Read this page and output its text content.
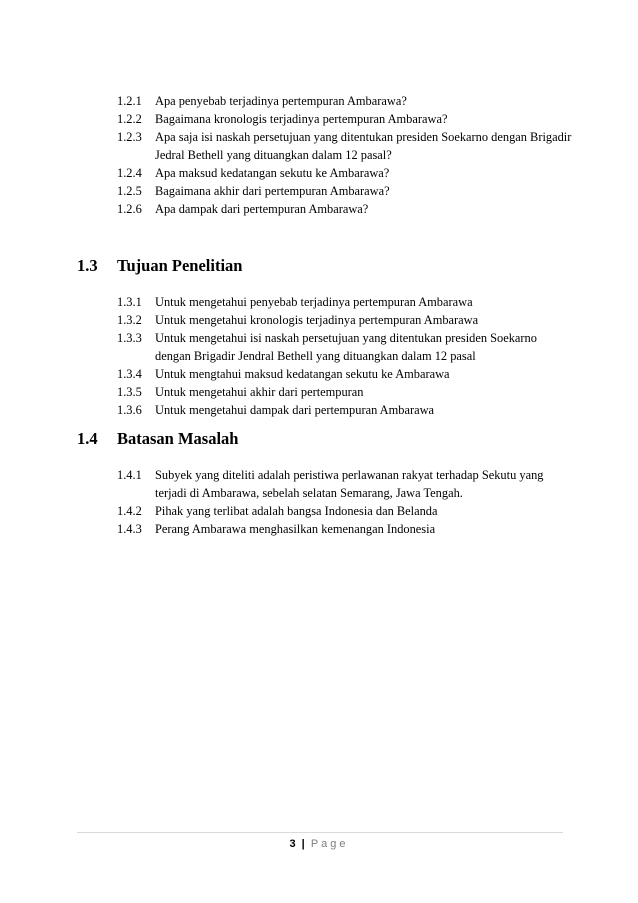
1.2.1	Apa penyebab terjadinya pertempuran Ambarawa?
1.2.2	Bagaimana kronologis terjadinya pertempuran Ambarawa?
1.2.3	Apa saja isi naskah persetujuan yang ditentukan presiden Soekarno dengan Brigadir Jedral Bethell yang dituangkan dalam 12 pasal?
1.2.4	Apa maksud kedatangan sekutu ke Ambarawa?
1.2.5	Bagaimana akhir dari pertempuran Ambarawa?
1.2.6	Apa dampak dari pertempuran Ambarawa?
1.3	Tujuan Penelitian
1.3.1	Untuk mengetahui penyebab terjadinya pertempuran Ambarawa
1.3.2	Untuk mengetahui kronologis terjadinya pertempuran Ambarawa
1.3.3	Untuk mengetahui isi naskah persetujuan yang ditentukan presiden Soekarno dengan Brigadir Jendral Bethell yang dituangkan dalam 12 pasal
1.3.4	Untuk mengtahui maksud kedatangan sekutu ke Ambarawa
1.3.5	Untuk mengetahui akhir dari pertempuran
1.3.6	Untuk mengetahui dampak dari pertempuran Ambarawa
1.4	Batasan Masalah
1.4.1	Subyek yang diteliti adalah peristiwa perlawanan rakyat terhadap Sekutu yang terjadi di Ambarawa, sebelah selatan Semarang, Jawa Tengah.
1.4.2	Pihak yang terlibat adalah bangsa Indonesia dan Belanda
1.4.3	Perang Ambarawa menghasilkan kemenangan Indonesia
3 | Page
